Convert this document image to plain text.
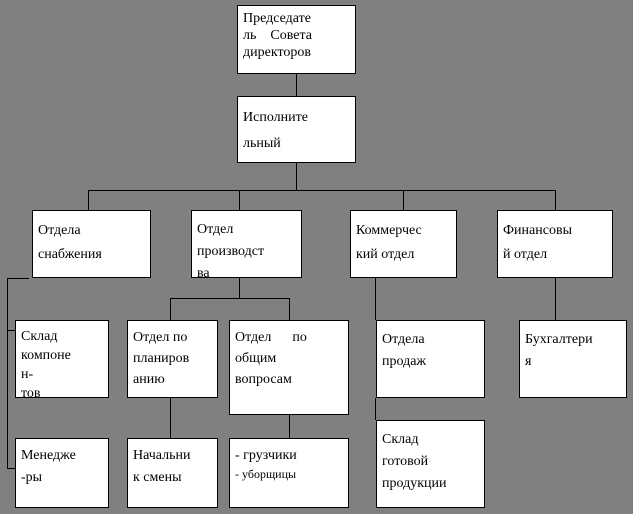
Председате
ль    Совета
директоров
Исполните
льный
Отдела
снабжения
Отдел
производст
ва
Коммерчес
кий отдел
Финансовы
й отдел
Склад
компоне
н-
тов
Отдел по
планиров
анию
Отдел      по
общим
вопросам
Отдела
продаж
Бухгалтери
я
Менедже
-ры
Начальни
к смены
- грузчики
- уборщицы
Склад
готовой
продукции
